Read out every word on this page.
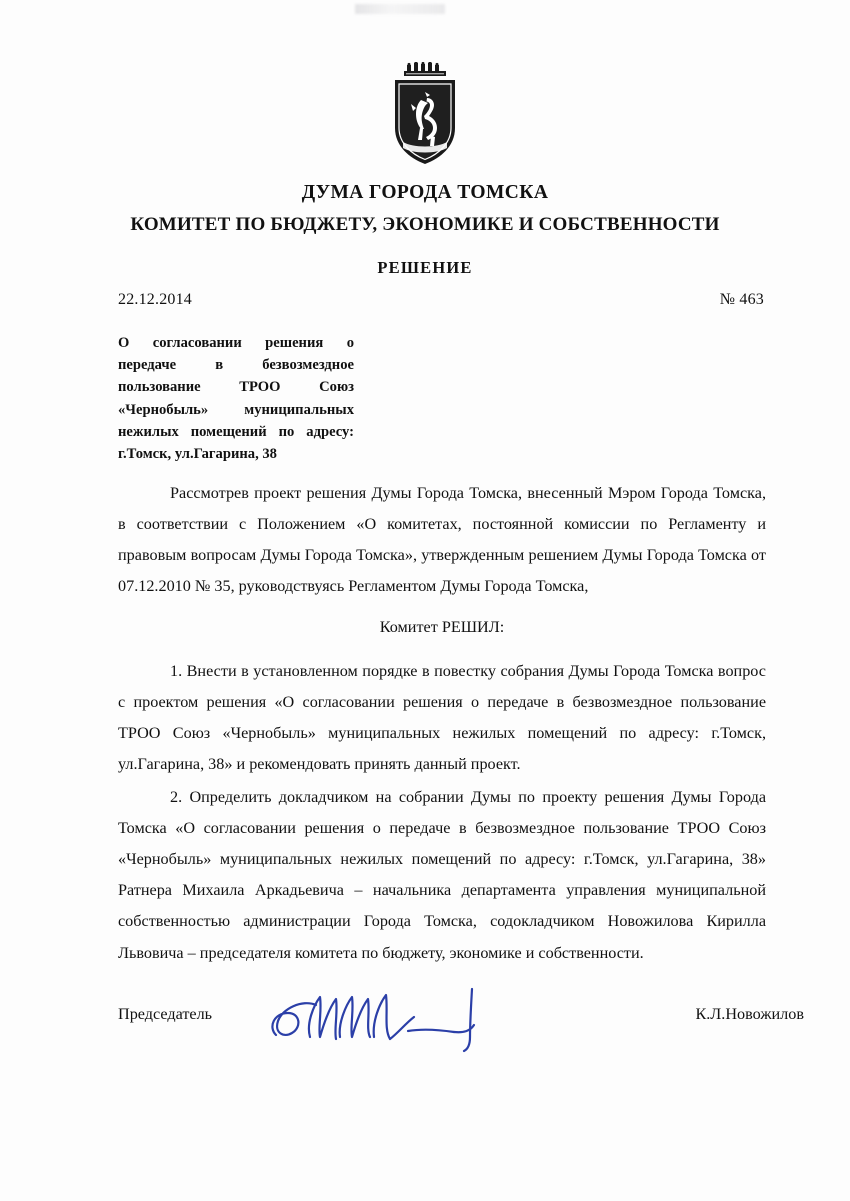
ДУМА ГОРОДА ТОМСКА
КОМИТЕТ ПО БЮДЖЕТУ, ЭКОНОМИКЕ И СОБСТВЕННОСТИ
РЕШЕНИЕ
22.12.2014	№ 463
О согласовании решения о передаче в безвозмездное пользование ТРОО Союз «Чернобыль» муниципальных нежилых помещений по адресу: г.Томск, ул.Гагарина, 38

Рассмотрев проект решения Думы Города Томска, внесенный Мэром Города Томска, в соответствии с Положением «О комитетах, постоянной комиссии по Регламенту и правовым вопросам Думы Города Томска», утвержденным решением Думы Города Томска от 07.12.2010 № 35, руководствуясь Регламентом Думы Города Томска,

Комитет РЕШИЛ:

1. Внести в установленном порядке в повестку собрания Думы Города Томска вопрос с проектом решения «О согласовании решения о передаче в безвозмездное пользование ТРОО Союз «Чернобыль» муниципальных нежилых помещений по адресу: г.Томск, ул.Гагарина, 38» и рекомендовать принять данный проект.

2. Определить докладчиком на собрании Думы по проекту решения Думы Города Томска «О согласовании решения о передаче в безвозмездное пользование ТРОО Союз «Чернобыль» муниципальных нежилых помещений по адресу: г.Томск, ул.Гагарина, 38» Ратнера Михаила Аркадьевича – начальника департамента управления муниципальной собственностью администрации Города Томска, содокладчиком Новожилова Кирилла Львовича – председателя комитета по бюджету, экономике и собственности.

Председатель	К.Л.Новожилов
